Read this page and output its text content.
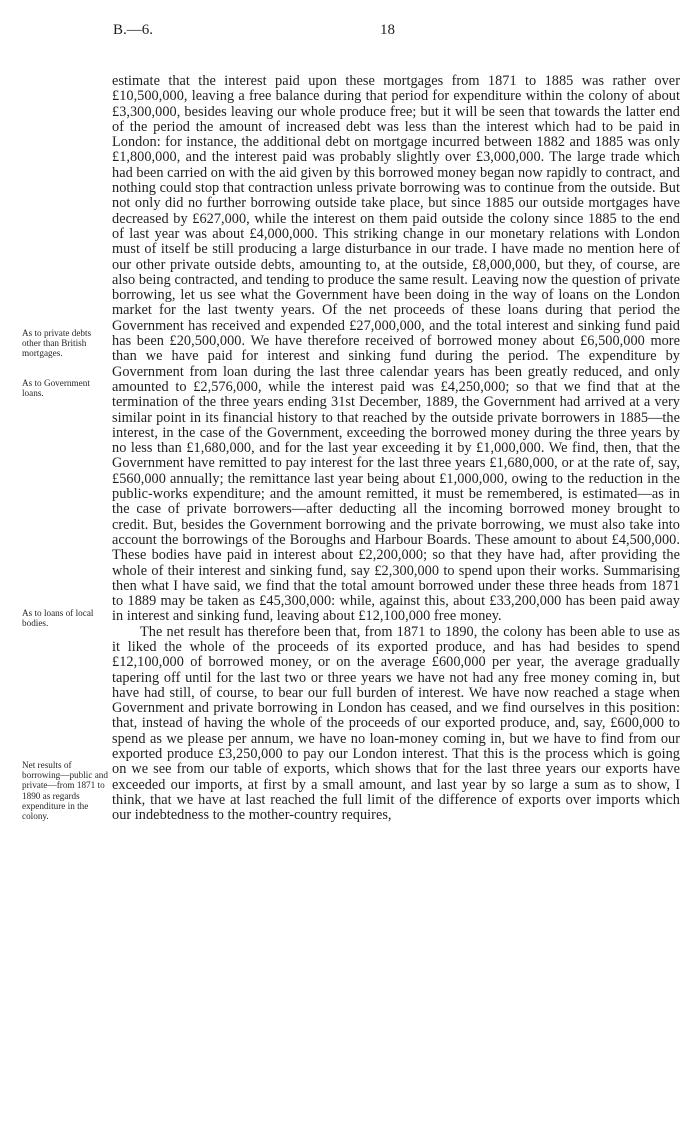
B.—6.	18
As to private debts other than British mortgages.
As to Government loans.
As to loans of local bodies.
Net results of borrowing—public and private—from 1871 to 1890 as regards expenditure in the colony.

estimate that the interest paid upon these mortgages from 1871 to 1885 was rather over £10,500,000, leaving a free balance during that period for expenditure within the colony of about £3,300,000, besides leaving our whole produce free; but it will be seen that towards the latter end of the period the amount of increased debt was less than the interest which had to be paid in London: for instance, the additional debt on mortgage incurred between 1882 and 1885 was only £1,800,000, and the interest paid was probably slightly over £3,000,000. The large trade which had been carried on with the aid given by this borrowed money began now rapidly to contract, and nothing could stop that contraction unless private borrowing was to continue from the outside. But not only did no further borrowing outside take place, but since 1885 our outside mortgages have decreased by £627,000, while the interest on them paid outside the colony since 1885 to the end of last year was about £4,000,000. This striking change in our monetary relations with London must of itself be still producing a large disturbance in our trade. I have made no mention here of our other private outside debts, amounting to, at the outside, £8,000,000, but they, of course, are also being contracted, and tending to produce the same result. Leaving now the question of private borrowing, let us see what the Government have been doing in the way of loans on the London market for the last twenty years. Of the net proceeds of these loans during that period the Government has received and expended £27,000,000, and the total interest and sinking fund paid has been £20,500,000. We have therefore received of borrowed money about £6,500,000 more than we have paid for interest and sinking fund during the period. The expenditure by Government from loan during the last three calendar years has been greatly reduced, and only amounted to £2,576,000, while the interest paid was £4,250,000; so that we find that at the termination of the three years ending 31st December, 1889, the Government had arrived at a very similar point in its financial history to that reached by the outside private borrowers in 1885—the interest, in the case of the Government, exceeding the borrowed money during the three years by no less than £1,680,000, and for the last year exceeding it by £1,000,000. We find, then, that the Government have remitted to pay interest for the last three years £1,680,000, or at the rate of, say, £560,000 annually; the remittance last year being about £1,000,000, owing to the reduction in the public-works expenditure; and the amount remitted, it must be remembered, is estimated—as in the case of private borrowers—after deducting all the incoming borrowed money brought to credit. But, besides the Government borrowing and the private borrowing, we must also take into account the borrowings of the Boroughs and Harbour Boards. These amount to about £4,500,000. These bodies have paid in interest about £2,200,000; so that they have had, after providing the whole of their interest and sinking fund, say £2,300,000 to spend upon their works. Summarising then what I have said, we find that the total amount borrowed under these three heads from 1871 to 1889 may be taken as £45,300,000: while, against this, about £33,200,000 has been paid away in interest and sinking fund, leaving about £12,100,000 free money.

The net result has therefore been that, from 1871 to 1890, the colony has been able to use as it liked the whole of the proceeds of its exported produce, and has had besides to spend £12,100,000 of borrowed money, or on the average £600,000 per year, the average gradually tapering off until for the last two or three years we have not had any free money coming in, but have had still, of course, to bear our full burden of interest. We have now reached a stage when Government and private borrowing in London has ceased, and we find ourselves in this position: that, instead of having the whole of the proceeds of our exported produce, and, say, £600,000 to spend as we please per annum, we have no loan-money coming in, but we have to find from our exported produce £3,250,000 to pay our London interest. That this is the process which is going on we see from our table of exports, which shows that for the last three years our exports have exceeded our imports, at first by a small amount, and last year by so large a sum as to show, I think, that we have at last reached the full limit of the difference of exports over imports which our indebtedness to the mother-country requires,
